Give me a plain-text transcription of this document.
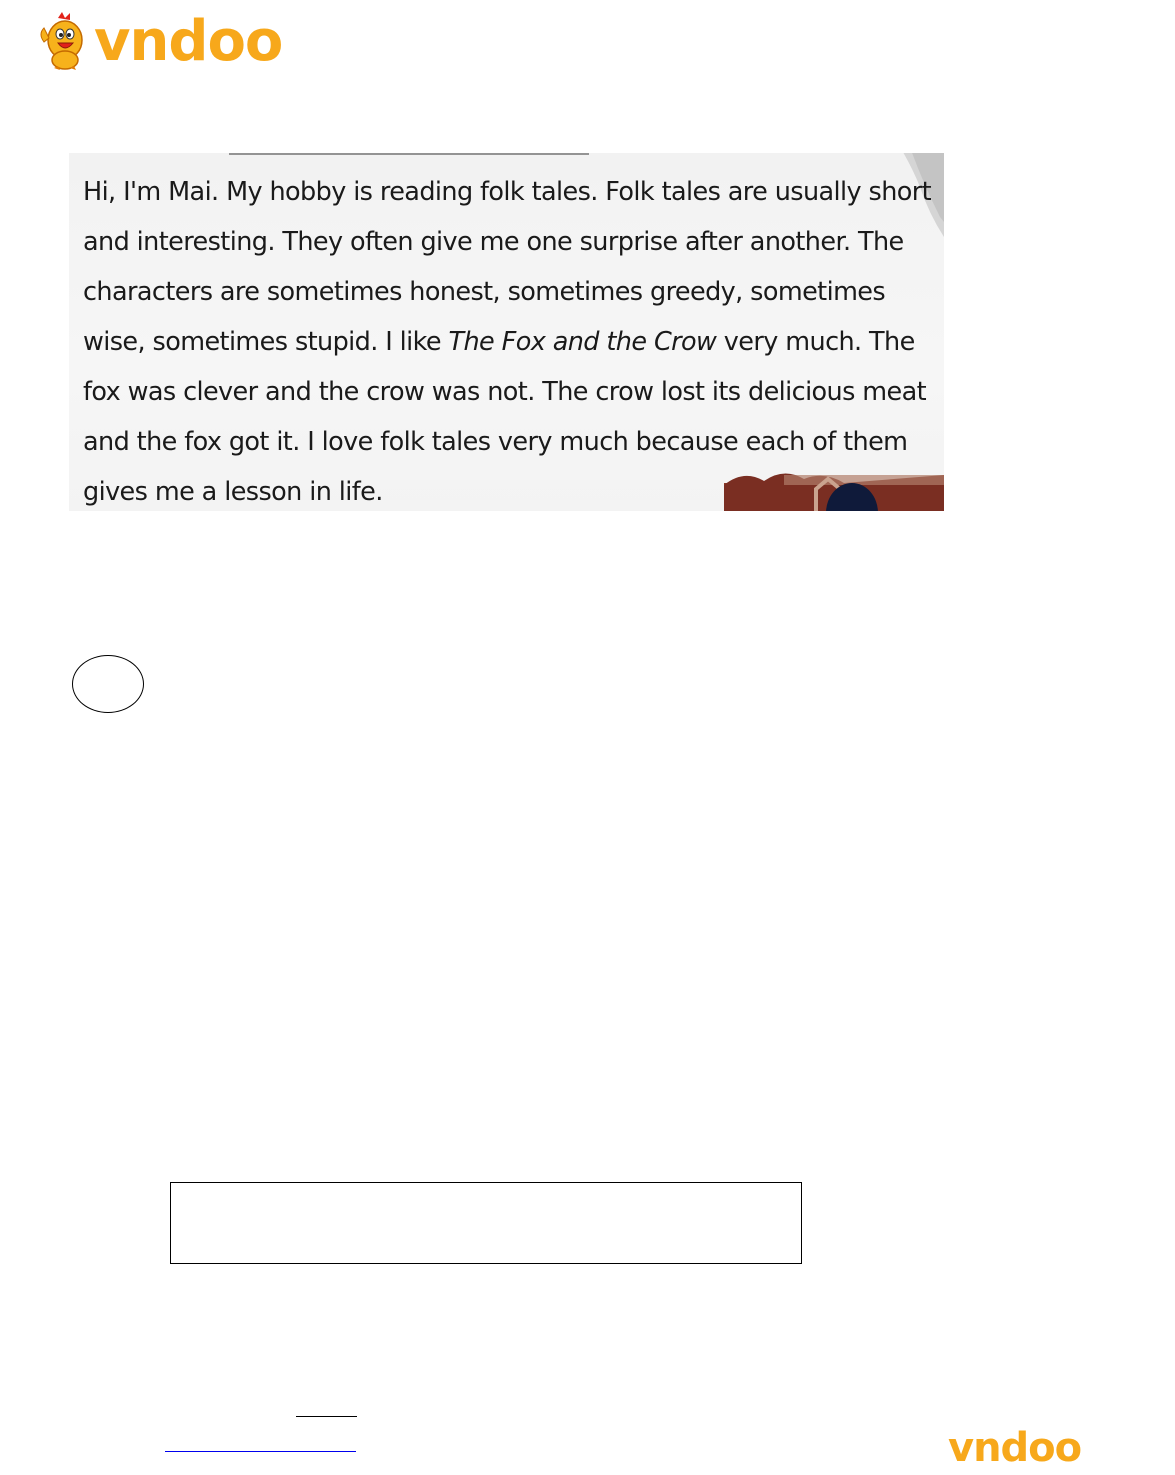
vndoo
Hi, I'm Mai. My hobby is reading folk tales. Folk tales are usually short and interesting. They often give me one surprise after another. The characters are sometimes honest, sometimes greedy, sometimes wise, sometimes stupid. I like The Fox and the Crow very much. The fox was clever and the crow was not. The crow lost its delicious meat and the fox got it. I love folk tales very much because each of them gives me a lesson in life.
vndoo
